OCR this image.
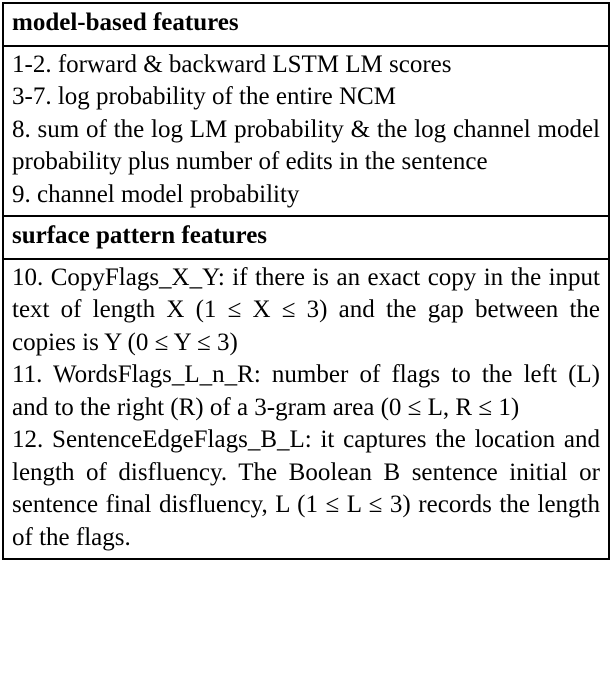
model-based features

1-2. forward & backward LSTM LM scores

3-7. log probability of the entire NCM

8. sum of the log LM probability & the log channel model probability plus number of edits in the sentence

9. channel model probability

surface pattern features

10. CopyFlags_X_Y: if there is an exact copy in the input text of length X (1 ≤ X ≤ 3) and the gap between the copies is Y (0 ≤ Y ≤ 3)

11. WordsFlags_L_n_R: number of flags to the left (L) and to the right (R) of a 3-gram area (0 ≤ L, R ≤ 1)

12. SentenceEdgeFlags_B_L: it captures the location and length of disfluency. The Boolean B sentence initial or sentence final disfluency, L (1 ≤ L ≤ 3) records the length of the flags.
